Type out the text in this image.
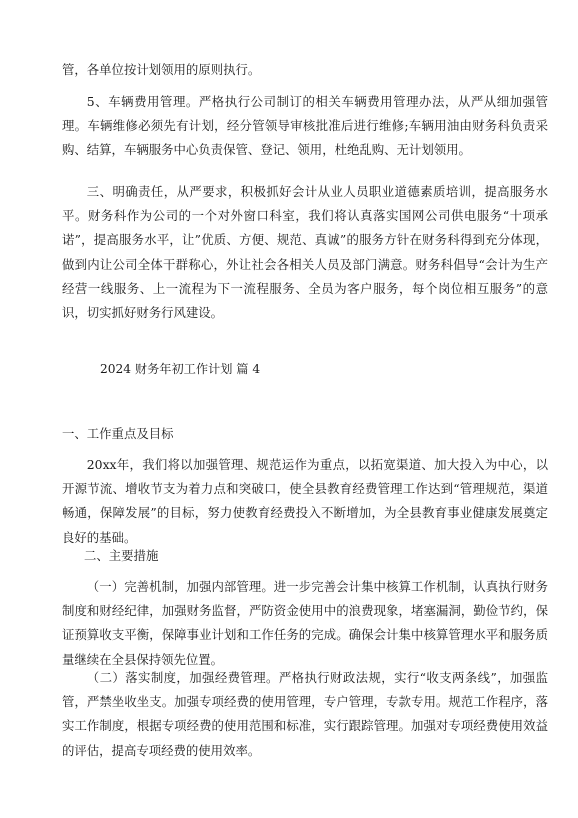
管，各单位按计划领用的原则执行。

5、车辆费用管理。严格执行公司制订的相关车辆费用管理办法，从严从细加强管理。车辆维修必须先有计划，经分管领导审核批准后进行维修;车辆用油由财务科负责采购、结算，车辆服务中心负责保管、登记、领用，杜绝乱购、无计划领用。

三、明确责任，从严要求，积极抓好会计从业人员职业道德素质培训，提高服务水平。财务科作为公司的一个对外窗口科室，我们将认真落实国网公司供电服务“十项承诺”，提高服务水平，让”优质、方便、规范、真诚”的服务方针在财务科得到充分体现，做到内让公司全体干群称心，外让社会各相关人员及部门满意。财务科倡导“会计为生产经营一线服务、上一流程为下一流程服务、全员为客户服务，每个岗位相互服务”的意识，切实抓好财务行风建设。

2024 财务年初工作计划 篇 4
一、工作重点及目标

20xx年，我们将以加强管理、规范运作为重点，以拓宽渠道、加大投入为中心，以开源节流、增收节支为着力点和突破口，使全县教育经费管理工作达到“管理规范，渠道畅通，保障发展”的目标，努力使教育经费投入不断增加，为全县教育事业健康发展奠定良好的基础。

二、主要措施

（一）完善机制，加强内部管理。进一步完善会计集中核算工作机制，认真执行财务制度和财经纪律，加强财务监督，严防资金使用中的浪费现象，堵塞漏洞，勤俭节约，保证预算收支平衡，保障事业计划和工作任务的完成。确保会计集中核算管理水平和服务质量继续在全县保持领先位置。

（二）落实制度，加强经费管理。严格执行财政法规，实行“收支两条线”，加强监管，严禁坐收坐支。加强专项经费的使用管理，专户管理，专款专用。规范工作程序，落实工作制度，根据专项经费的使用范围和标准，实行跟踪管理。加强对专项经费使用效益的评估，提高专项经费的使用效率。
